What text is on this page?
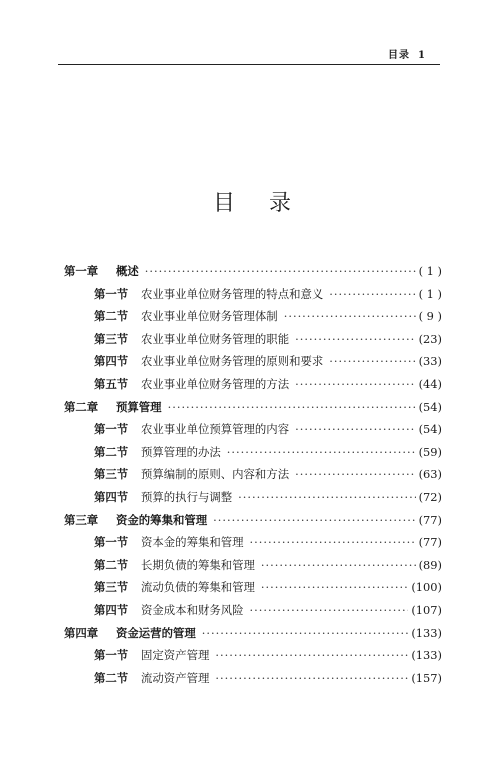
目录 1
目 录
第一章 概述 ·····	( 1 )
第一节 农业事业单位财务管理的特点和意义 ·····	( 1 )
第二节 农业事业单位财务管理体制 ·····	( 9 )
第三节 农业事业单位财务管理的职能 ·····	(23)
第四节 农业事业单位财务管理的原则和要求 ·····	(33)
第五节 农业事业单位财务管理的方法 ·····	(44)
第二章 预算管理 ·····	(54)
第一节 农业事业单位预算管理的内容 ·····	(54)
第二节 预算管理的办法 ·····	(59)
第三节 预算编制的原则、内容和方法 ·····	(63)
第四节 预算的执行与调整 ·····	(72)
第三章 资金的筹集和管理 ·····	(77)
第一节 资本金的筹集和管理 ·····	(77)
第二节 长期负债的筹集和管理 ·····	(89)
第三节 流动负债的筹集和管理 ·····	(100)
第四节 资金成本和财务风险 ·····	(107)
第四章 资金运营的管理 ·····	(133)
第一节 固定资产管理 ·····	(133)
第二节 流动资产管理 ·····	(157)
